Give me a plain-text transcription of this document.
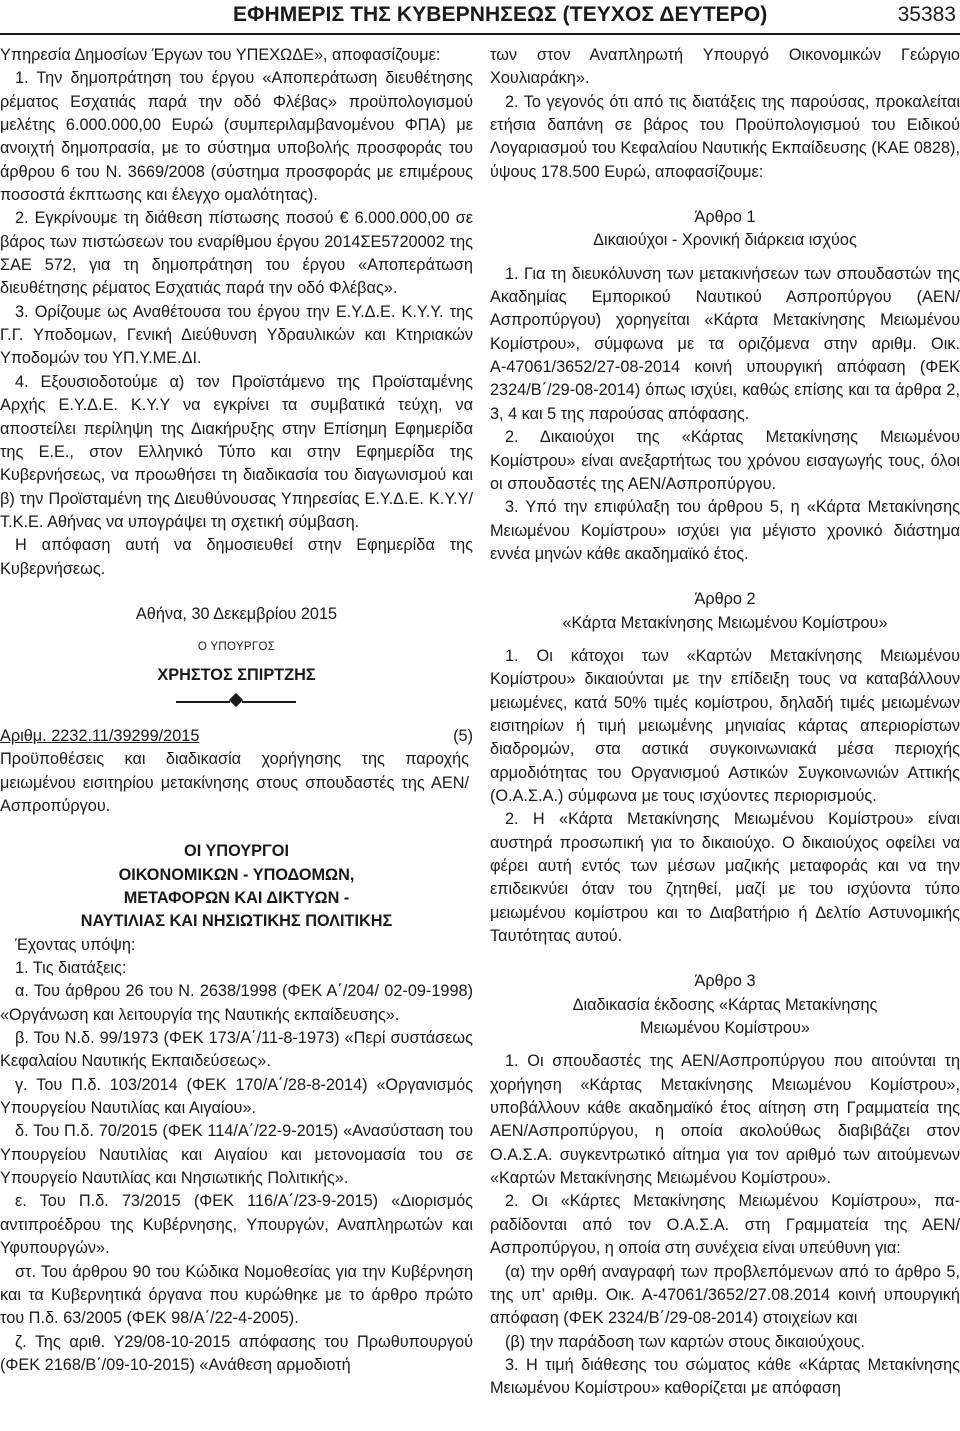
ΕΦΗΜΕΡΙΣ ΤΗΣ ΚΥΒΕΡΝΗΣΕΩΣ (ΤΕΥΧΟΣ ΔΕΥΤΕΡΟ)	35383

Υπηρεσία Δημοσίων Έργων του ΥΠΕΧΩΔΕ», αποφασίζουμε:

1. Την δημοπράτηση του έργου «Αποπεράτωση διευθέτησης ρέματος Εσχατιάς παρά την οδό Φλέβας» προϋπολογισμού μελέτης 6.000.000,00 Ευρώ (συμπεριλαμβανομένου ΦΠΑ) με ανοιχτή δημοπρασία, με το σύστημα υποβολής προσφοράς του άρθρου 6 του Ν. 3669/2008 (σύστημα προσφοράς με επιμέρους ποσοστά έκπτωσης και έλεγχο ομαλότητας).

2. Εγκρίνουμε τη διάθεση πίστωσης ποσού € 6.000.000,00 σε βάρος των πιστώσεων του εναρίθμου έργου 2014ΣΕ5720002 της ΣΑΕ 572, για τη δημοπράτηση του έργου «Αποπεράτωση διευθέτησης ρέματος Εσχατιάς παρά την οδό Φλέβας».

3. Ορίζουμε ως Αναθέτουσα του έργου την Ε.Υ.Δ.Ε. Κ.Υ.Υ. της Γ.Γ. Υποδομων, Γενική Διεύθυνση Υδραυλικών και Κτηριακών Υποδομών του ΥΠ.Υ.ΜΕ.ΔΙ.

4. Εξουσιοδοτούμε α) τον Προϊστάμενο της Προϊσταμένης Αρχής Ε.Υ.Δ.Ε. Κ.Υ.Υ να εγκρίνει τα συμβατικά τεύχη, να αποστείλει περίληψη της Διακήρυξης στην Επίσημη Εφημερίδα της Ε.Ε., στον Ελληνικό Τύπο και στην Εφημερίδα της Κυβερνήσεως, να προωθήσει τη διαδικασία του διαγωνισμού και β) την Προϊσταμένη της Διευθύνουσας Υπηρεσίας Ε.Υ.Δ.Ε. Κ.Υ.Υ/Τ.Κ.Ε. Αθήνας να υπογράψει τη σχετική σύμβαση.

Η απόφαση αυτή να δημοσιευθεί στην Εφημερίδα της Κυβερνήσεως.

Αθήνα, 30 Δεκεμβρίου 2015

Ο ΥΠΟΥΡΓΟΣ

ΧΡΗΣΤΟΣ ΣΠΙΡΤΖΗΣ

Αριθμ. 2232.11/39299/2015	(5)

Προϋποθέσεις και διαδικασία χορήγησης της παροχής μειωμένου εισιτηρίου μετακίνησης στους σπουδαστές της ΑΕΝ/Ασπροπύργου.

ΟΙ ΥΠΟΥΡΓΟΙ

ΟΙΚΟΝΟΜΙΚΩΝ - ΥΠΟΔΟΜΩΝ,

ΜΕΤΑΦΟΡΩΝ ΚΑΙ ΔΙΚΤΥΩΝ -

ΝΑΥΤΙΛΙΑΣ ΚΑΙ ΝΗΣΙΩΤΙΚΗΣ ΠΟΛΙΤΙΚΗΣ

Έχοντας υπόψη:

1. Τις διατάξεις:

α. Του άρθρου 26 του Ν. 2638/1998 (ΦΕΚ Α΄/204/ 02-09-1998) «Οργάνωση και λειτουργία της Ναυτικής εκπαίδευσης».

β. Του Ν.δ. 99/1973 (ΦΕΚ 173/Α΄/11-8-1973) «Περί συστάσεως Κεφαλαίου Ναυτικής Εκπαιδεύσεως».

γ. Του Π.δ. 103/2014 (ΦΕΚ 170/Α΄/28-8-2014) «Οργανισμός Υπουργείου Ναυτιλίας και Αιγαίου».

δ. Του Π.δ. 70/2015 (ΦΕΚ 114/Α΄/22-9-2015) «Ανασύσταση του Υπουργείου Ναυτιλίας και Αιγαίου και μετονομασία του σε Υπουργείο Ναυτιλίας και Νησιωτικής Πολιτικής».

ε. Του Π.δ. 73/2015 (ΦΕΚ 116/Α΄/23-9-2015) «Διορισμός αντιπροέδρου της Κυβέρνησης, Υπουργών, Αναπληρωτών και Υφυπουργών».

στ. Του άρθρου 90 του Κώδικα Νομοθεσίας για την Κυβέρνηση και τα Κυβερνητικά όργανα που κυρώθηκε με το άρθρο πρώτο του Π.δ. 63/2005 (ΦΕΚ 98/Α΄/22-4-2005).

ζ. Της αριθ. Υ29/08-10-2015 απόφασης του Πρωθυπουργού (ΦΕΚ 2168/Β΄/09-10-2015) «Ανάθεση αρμοδιοτή

των στον Αναπληρωτή Υπουργό Οικονομικών Γεώργιο Χουλιαράκη».

2. Το γεγονός ότι από τις διατάξεις της παρούσας, προκαλείται ετήσια δαπάνη σε βάρος του Προϋπολογισμού του Ειδικού Λογαριασμού του Κεφαλαίου Ναυτικής Εκπαίδευσης (ΚΑΕ 0828), ύψους 178.500 Ευρώ, αποφασίζουμε:

Άρθρο 1

Δικαιούχοι - Χρονική διάρκεια ισχύος

1. Για τη διευκόλυνση των μετακινήσεων των σπουδαστών της Ακαδημίας Εμπορικού Ναυτικού Ασπροπύργου (ΑΕΝ/Ασπροπύργου) χορηγείται «Κάρτα Μετακίνησης Μειωμένου Κομίστρου», σύμφωνα με τα οριζόμενα στην αριθμ. Οικ. Α-47061/3652/27-08-2014 κοινή υπουργική απόφαση (ΦΕΚ 2324/Β΄/29-08-2014) όπως ισχύει, καθώς επίσης και τα άρθρα 2, 3, 4 και 5 της παρούσας απόφασης.

2. Δικαιούχοι της «Κάρτας Μετακίνησης Μειωμένου Κομίστρου» είναι ανεξαρτήτως του χρόνου εισαγωγής τους, όλοι οι σπουδαστές της ΑΕΝ/Ασπροπύργου.

3. Υπό την επιφύλαξη του άρθρου 5, η «Κάρτα Μετακίνησης Μειωμένου Κομίστρου» ισχύει για μέγιστο χρονικό διάστημα εννέα μηνών κάθε ακαδημαϊκό έτος.

Άρθρο 2

«Κάρτα Μετακίνησης Μειωμένου Κομίστρου»

1. Οι κάτοχοι των «Καρτών Μετακίνησης Μειωμένου Κομίστρου» δικαιούνται με την επίδειξη τους να καταβάλλουν μειωμένες, κατά 50% τιμές κομίστρου, δηλαδή τιμές μειωμένων εισιτηρίων ή τιμή μειωμένης μηνιαίας κάρτας απεριορίστων διαδρομών, στα αστικά συγκοινωνιακά μέσα περιοχής αρμοδιότητας του Οργανισμού Αστικών Συγκοινωνιών Αττικής (Ο.Α.Σ.Α.) σύμφωνα με τους ισχύοντες περιορισμούς.

2. Η «Κάρτα Μετακίνησης Μειωμένου Κομίστρου» είναι αυστηρά προσωπική για το δικαιούχο. Ο δικαιούχος οφείλει να φέρει αυτή εντός των μέσων μαζικής μεταφοράς και να την επιδεικνύει όταν του ζητηθεί, μαζί με του ισχύοντα τύπο μειωμένου κομίστρου και το Διαβατήριο ή Δελτίο Αστυνομικής Ταυτότητας αυτού.

Άρθρο 3

Διαδικασία έκδοσης «Κάρτας Μετακίνησης

Μειωμένου Κομίστρου»

1. Οι σπουδαστές της ΑΕΝ/Ασπροπύργου που αιτούνται τη χορήγηση «Κάρτας Μετακίνησης Μειωμένου Κομίστρου», υποβάλλουν κάθε ακαδημαϊκό έτος αίτηση στη Γραμματεία της ΑΕΝ/Ασπροπύργου, η οποία ακολούθως διαβιβάζει στον Ο.Α.Σ.Α. συγκεντρωτικό αίτημα για τον αριθμό των αιτούμενων «Καρτών Μετακίνησης Μειωμένου Κομίστρου».

2. Οι «Κάρτες Μετακίνησης Μειωμένου Κομίστρου», παραδίδονται από τον Ο.Α.Σ.Α. στη Γραμματεία της ΑΕΝ/ Ασπροπύργου, η οποία στη συνέχεια είναι υπεύθυνη για:

(α) την ορθή αναγραφή των προβλεπόμενων από το άρθρο 5, της υπ’ αριθμ. Οικ. Α-47061/3652/27.08.2014 κοινή υπουργική απόφαση (ΦΕΚ 2324/Β΄/29-08-2014) στοιχείων και

(β) την παράδοση των καρτών στους δικαιούχους.

3. Η τιμή διάθεσης του σώματος κάθε «Κάρτας Μετακίνησης Μειωμένου Κομίστρου» καθορίζεται με απόφαση
